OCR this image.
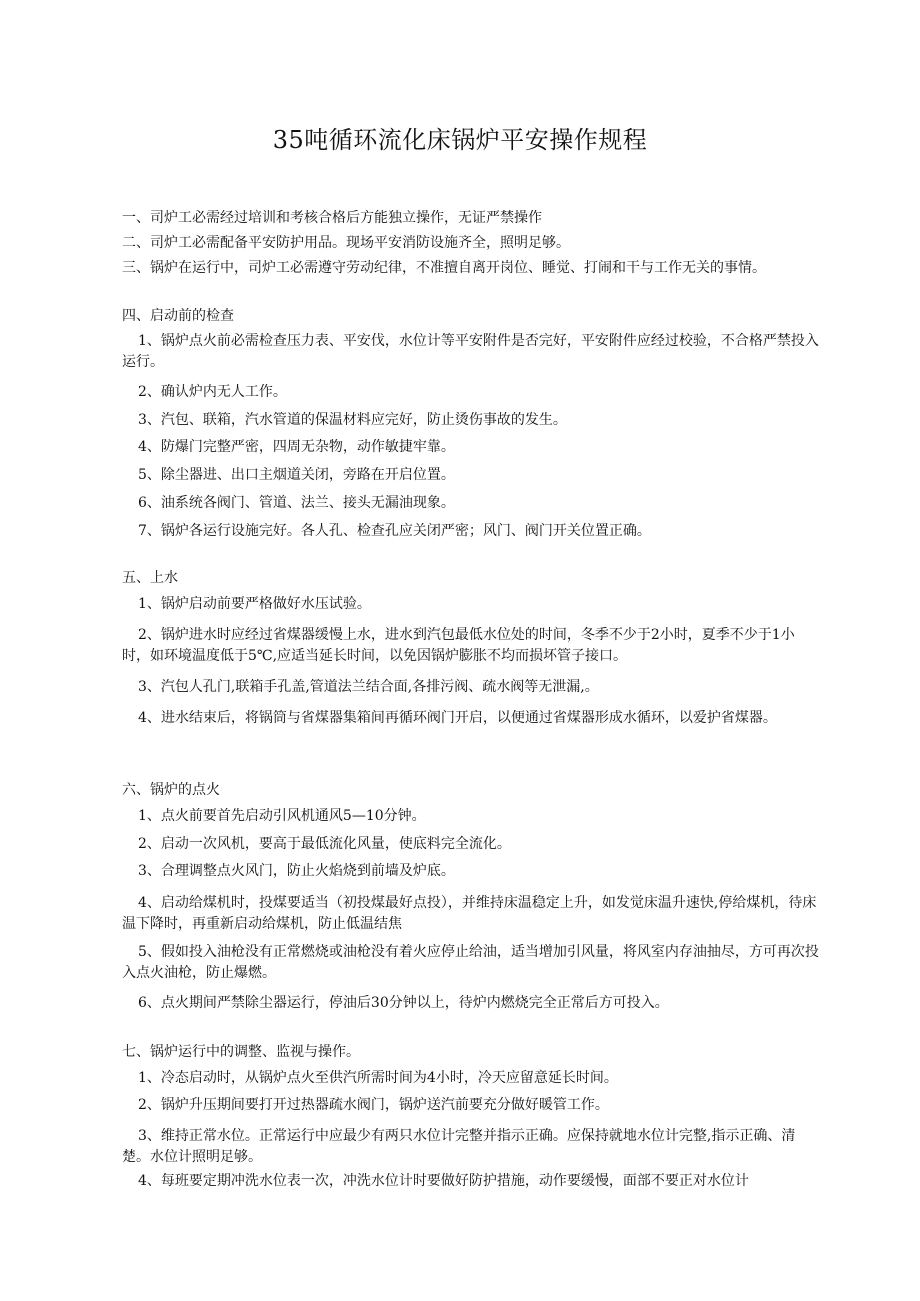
35吨循环流化床锅炉平安操作规程

一、司炉工必需经过培训和考核合格后方能独立操作，无证严禁操作

二、司炉工必需配备平安防护用品。现场平安消防设施齐全，照明足够。

三、锅炉在运行中，司炉工必需遵守劳动纪律，不准擅自离开岗位、睡觉、打闹和干与工作无关的事情。

四、启动前的检查

1、锅炉点火前必需检查压力表、平安伐，水位计等平安附件是否完好，平安附件应经过校验，不合格严禁投入运行。

2、确认炉内无人工作。

3、汽包、联箱，汽水管道的保温材料应完好，防止烫伤事故的发生。

4、防爆门完整严密，四周无杂物，动作敏捷牢靠。

5、除尘器进、出口主烟道关闭，旁路在开启位置。

6、油系统各阀门、管道、法兰、接头无漏油现象。

7、锅炉各运行设施完好。各人孔、检查孔应关闭严密；风门、阀门开关位置正确。

五、上水

1、锅炉启动前要严格做好水压试验。

2、锅炉进水时应经过省煤器缓慢上水，进水到汽包最低水位处的时间，冬季不少于2小时，夏季不少于1小时，如环境温度低于5℃,应适当延长时间，以免因锅炉膨胀不均而损坏管子接口。

3、汽包人孔门,联箱手孔盖,管道法兰结合面,各排污阀、疏水阀等无泄漏,。

4、进水结束后，将锅筒与省煤器集箱间再循环阀门开启，以便通过省煤器形成水循环，以爱护省煤器。

六、锅炉的点火

1、点火前要首先启动引风机通风5—10分钟。

2、启动一次风机，要高于最低流化风量，使底料完全流化。

3、合理调整点火风门，防止火焰烧到前墙及炉底。

4、启动给煤机时，投煤要适当（初投煤最好点投），并维持床温稳定上升，如发觉床温升速快,停给煤机，待床温下降时，再重新启动给煤机，防止低温结焦

5、假如投入油枪没有正常燃烧或油枪没有着火应停止给油，适当增加引风量，将风室内存油抽尽，方可再次投入点火油枪，防止爆燃。

6、点火期间严禁除尘器运行，停油后30分钟以上，待炉内燃烧完全正常后方可投入。

七、锅炉运行中的调整、监视与操作。

1、冷态启动时，从锅炉点火至供汽所需时间为4小时，冷天应留意延长时间。

2、锅炉升压期间要打开过热器疏水阀门，锅炉送汽前要充分做好暖管工作。

3、维持正常水位。正常运行中应最少有两只水位计完整并指示正确。应保持就地水位计完整,指示正确、清楚。水位计照明足够。

4、每班要定期冲洗水位表一次，冲洗水位计时要做好防护措施，动作要缓慢，面部不要正对水位计
